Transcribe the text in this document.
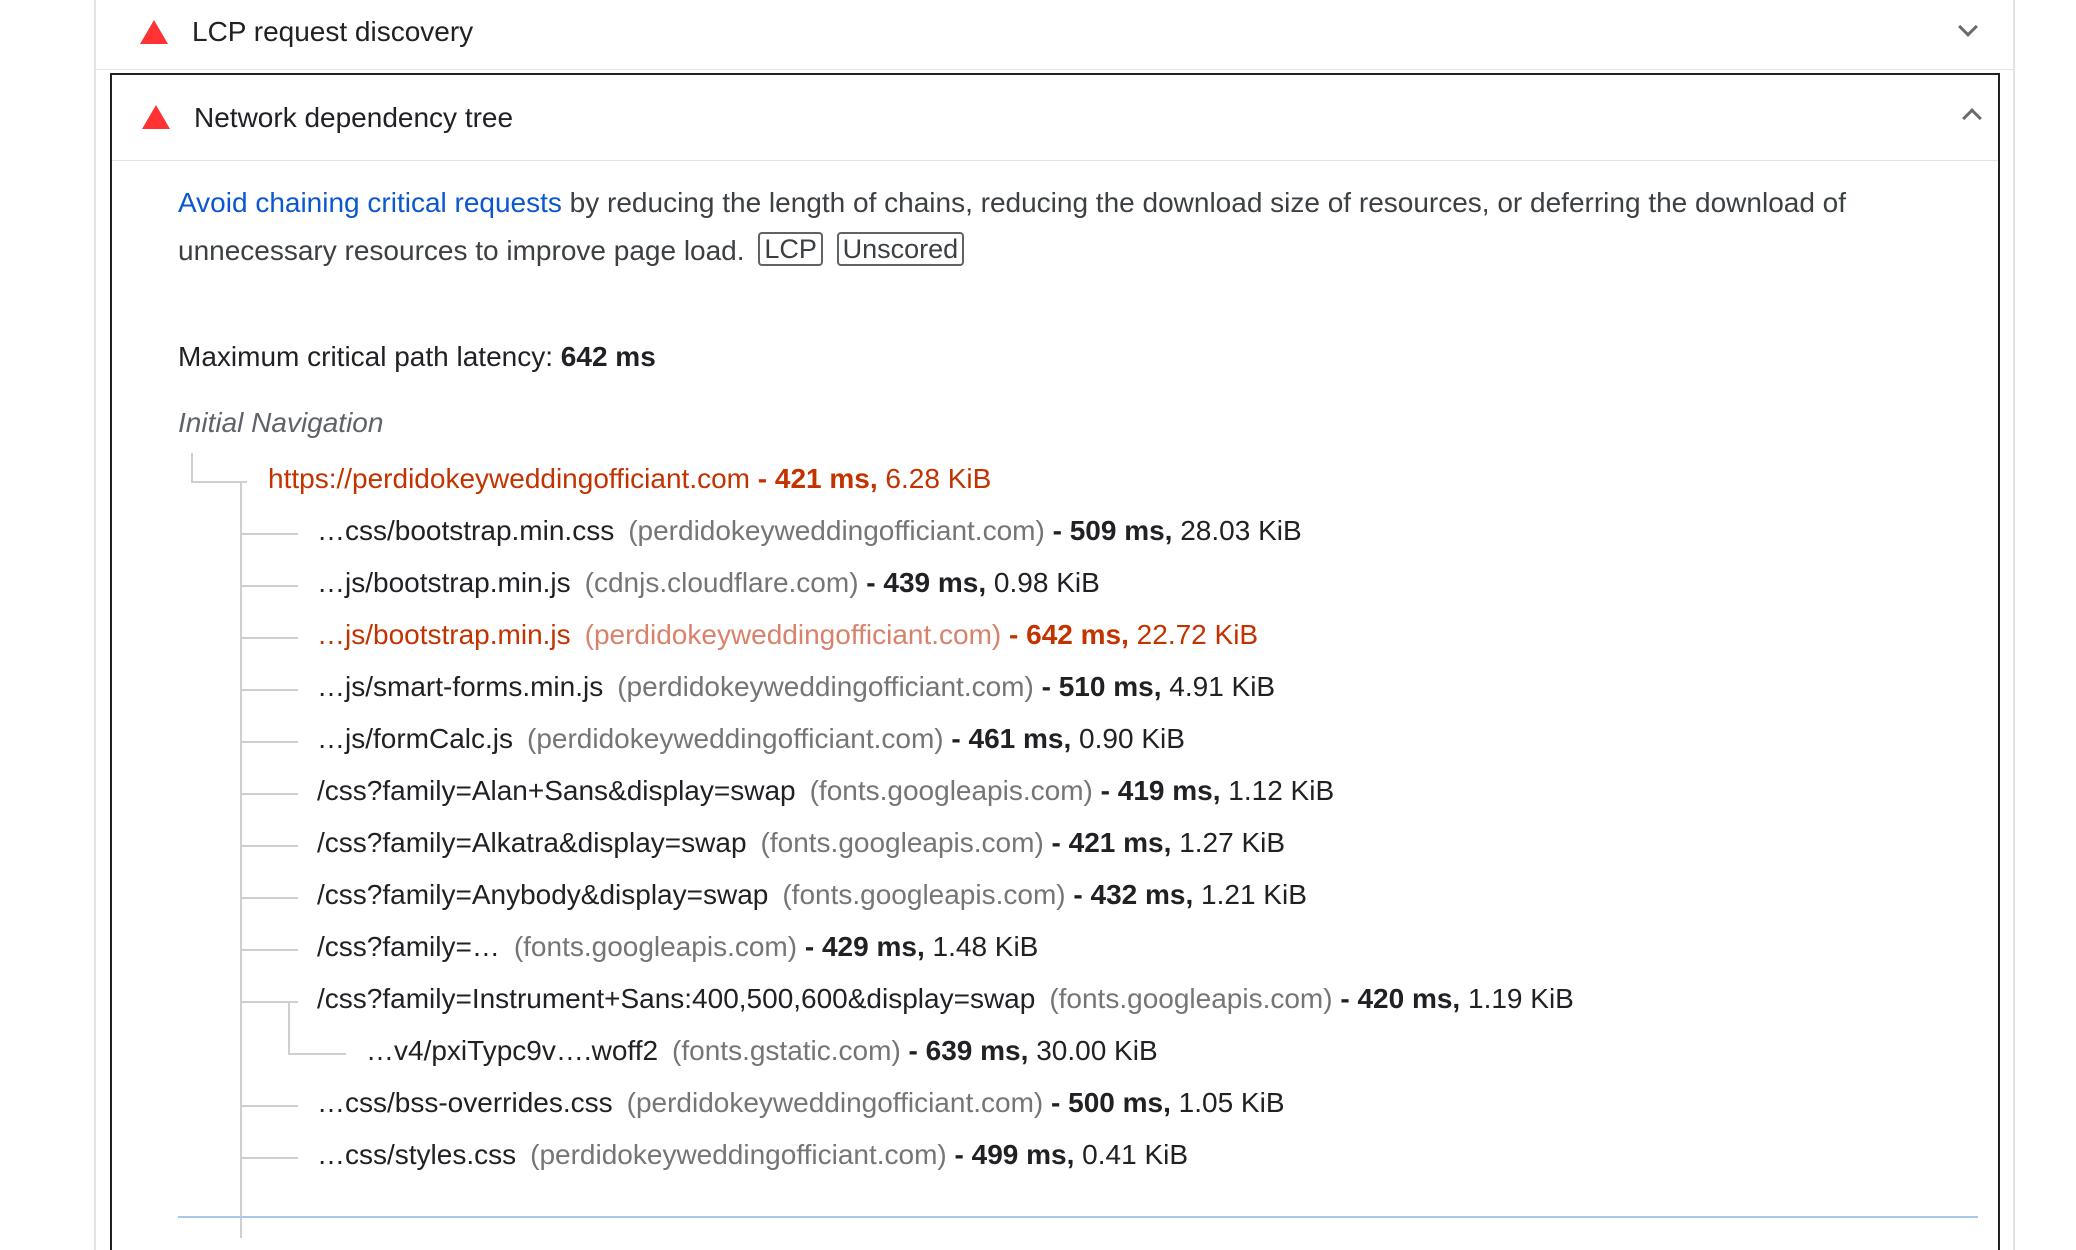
LCP request discovery
Network dependency tree
Avoid chaining critical requests by reducing the length of chains, reducing the download size of resources, or deferring the download of unnecessary resources to improve page load. LCP Unscored
Maximum critical path latency: 642 ms
Initial Navigation
https://perdidokeyweddingofficiant.com - 421 ms, 6.28 KiB
…css/bootstrap.min.css (perdidokeyweddingofficiant.com) - 509 ms, 28.03 KiB
…js/bootstrap.min.js (cdnjs.cloudflare.com) - 439 ms, 0.98 KiB
…js/bootstrap.min.js (perdidokeyweddingofficiant.com) - 642 ms, 22.72 KiB
…js/smart-forms.min.js (perdidokeyweddingofficiant.com) - 510 ms, 4.91 KiB
…js/formCalc.js (perdidokeyweddingofficiant.com) - 461 ms, 0.90 KiB
/css?family=Alan+Sans&display=swap (fonts.googleapis.com) - 419 ms, 1.12 KiB
/css?family=Alkatra&display=swap (fonts.googleapis.com) - 421 ms, 1.27 KiB
/css?family=Anybody&display=swap (fonts.googleapis.com) - 432 ms, 1.21 KiB
/css?family=… (fonts.googleapis.com) - 429 ms, 1.48 KiB
/css?family=Instrument+Sans:400,500,600&display=swap (fonts.googleapis.com) - 420 ms, 1.19 KiB
…v4/pxiTypc9v….woff2 (fonts.gstatic.com) - 639 ms, 30.00 KiB
…css/bss-overrides.css (perdidokeyweddingofficiant.com) - 500 ms, 1.05 KiB
…css/styles.css (perdidokeyweddingofficiant.com) - 499 ms, 0.41 KiB
